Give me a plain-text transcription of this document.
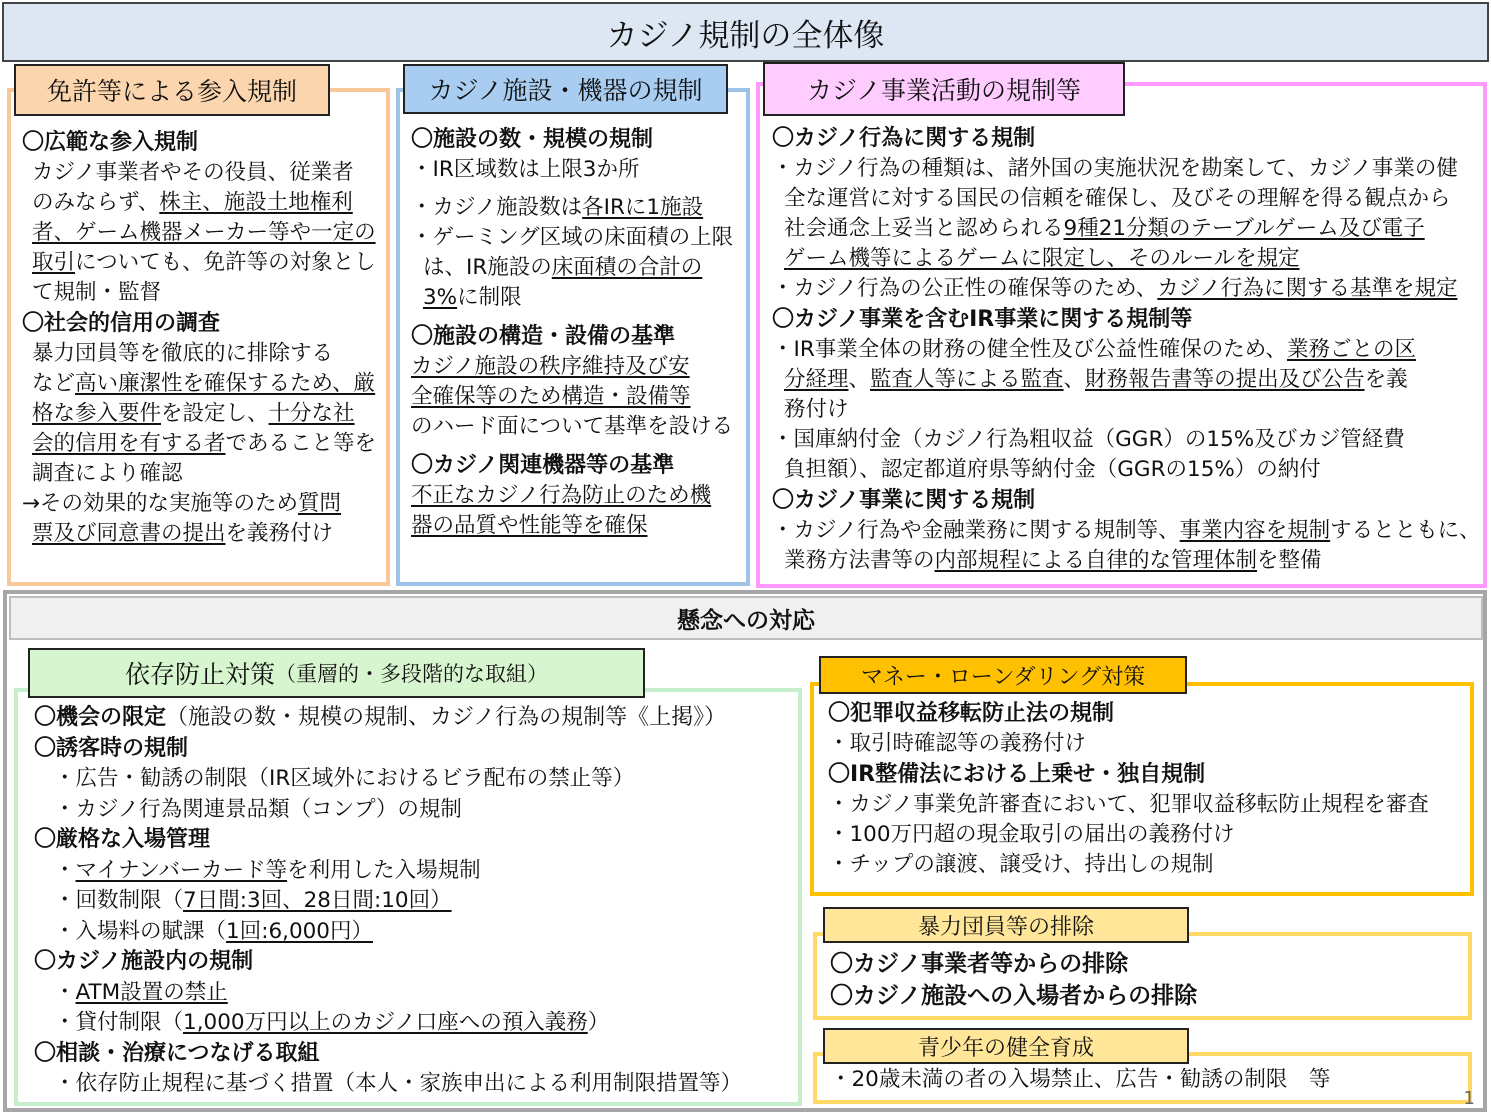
カジノ規制の全体像
免許等による参入規制
〇広範な参入規制
カジノ事業者やその役員、従業者
のみならず、株主、施設土地権利
者、ゲーム機器メーカー等や一定の
取引についても、免許等の対象とし
て規制・監督
〇社会的信用の調査
暴力団員等を徹底的に排除する
など高い廉潔性を確保するため、厳
格な参入要件を設定し、十分な社
会的信用を有する者であること等を
調査により確認
→その効果的な実施等のため質問
票及び同意書の提出を義務付け
カジノ施設・機器の規制
〇施設の数・規模の規制
・IR区域数は上限3か所
・カジノ施設数は各IRに1施設
・ゲーミング区域の床面積の上限
は、IR施設の床面積の合計の
3%に制限
〇施設の構造・設備の基準
カジノ施設の秩序維持及び安
全確保等のため構造・設備等
のハード面について基準を設ける
〇カジノ関連機器等の基準
不正なカジノ行為防止のため機
器の品質や性能等を確保
カジノ事業活動の規制等
〇カジノ行為に関する規制
・カジノ行為の種類は、諸外国の実施状況を勘案して、カジノ事業の健
全な運営に対する国民の信頼を確保し、及びその理解を得る観点から
社会通念上妥当と認められる9種21分類のテーブルゲーム及び電子
ゲーム機等によるゲームに限定し、そのルールを規定
・カジノ行為の公正性の確保等のため、カジノ行為に関する基準を規定
〇カジノ事業を含むIR事業に関する規制等
・IR事業全体の財務の健全性及び公益性確保のため、業務ごとの区
分経理、監査人等による監査、財務報告書等の提出及び公告を義
務付け
・国庫納付金（カジノ行為粗収益（GGR）の15%及びカジ管経費
負担額）、認定都道府県等納付金（GGRの15%）の納付
〇カジノ事業に関する規制
・カジノ行為や金融業務に関する規制等、事業内容を規制するとともに、
業務方法書等の内部規程による自律的な管理体制を整備
懸念への対応
依存防止対策 （重層的・多段階的な取組）
〇機会の限定（施設の数・規模の規制、カジノ行為の規制等《上掲》）
〇誘客時の規制
・広告・勧誘の制限（IR区域外におけるビラ配布の禁止等）
・カジノ行為関連景品類（コンプ）の規制
〇厳格な入場管理
・マイナンバーカード等を利用した入場規制
・回数制限（7日間:3回、28日間:10回）
・入場料の賦課（1回:6,000円）
〇カジノ施設内の規制
・ATM設置の禁止
・貸付制限（1,000万円以上のカジノ口座への預入義務）
〇相談・治療につなげる取組
・依存防止規程に基づく措置（本人・家族申出による利用制限措置等）
マネー・ローンダリング対策
〇犯罪収益移転防止法の規制
・取引時確認等の義務付け
〇IR整備法における上乗せ・独自規制
・カジノ事業免許審査において、犯罪収益移転防止規程を審査
・100万円超の現金取引の届出の義務付け
・チップの譲渡、譲受け、持出しの規制
暴力団員等の排除
〇カジノ事業者等からの排除
〇カジノ施設への入場者からの排除
青少年の健全育成
・20歳未満の者の入場禁止、広告・勧誘の制限　等
1
